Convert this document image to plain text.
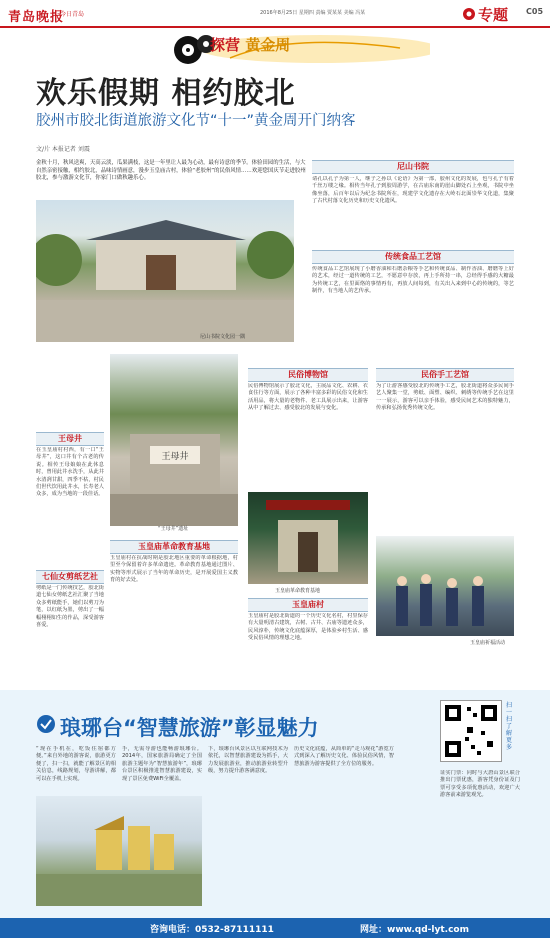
青岛晚报
今日青岛	2016年8月25日 星期四 责编 贾某某 美编 冯某	专题 C05
探营 黄金周
欢乐假期 相约胶北
胶州市胶北街道旅游文化节“十一”黄金周开门纳客
文/片 本报记者 刘震
金秋十月，秋风送爽，天高云淡，瓜果满枝，这是一年里让人最为心动，最有诗意的季节。体验田园的生活，与大自然亲密接触，相约胶北，品味诗情画意，漫步玉皇庙古村，体验“老胶州”的民俗风情……欢迎您国庆节走进胶州胶北，参与激游文化节，你家门口做秋趣乐心。
尼山书院文化园一隅
尼山书院
请孔以孔子为第一人，继子之孙以《论语》为第一部，胶州文化的发展，也与孔子有着千丝万缕之缘。相传当年孔子到胶周游学，在古庙东南的崖山脚处石上坐观，书院中坐像坐落，后百年以后为纪念书院所在，现建学文化遗存在大岭石北面崇华文化道，集聚了古代村落文化历史和历史文化遗风。
传统食品工艺馆
传统食品工艺馆展现了小磨香油和石磨杂粮等手艺和传统食品、制作香油、磨磨等上好的艺术，经过一道传统的工艺，不愿意中存放，再上手所持一串，总经得手感的大糖最为传统工艺，在里面烙的事情再有，再放人间每到，有关出入来到中心的传统的，等艺制作，有当地人的艺传承。
王母井
在玉皇庙村村西，有一口“王母井”，这口井有个古老的传说。相传王母娘娘在此休息时，曾用此井水洗手，从此井水清冽甘甜，四季不枯，村民们世代饮用此井水，长寿老人众多，成为当地的一段佳话。
七仙女剪纸艺社
剪纸是一门传统技艺，胶北街道七仙女剪纸艺社汇聚了当地众多剪纸能手，她们以剪刀为笔，以红纸为墨，剪出了一幅幅栩栩如生的作品，深受游客喜爱。
王母井
“王母井”遗址
民俗博物馆
民俗博物馆展示了胶北文化，主展品文化、农耕、衣食住行等方面，展示了各种丰富多彩的民俗文化和生活用品，将大量的老物件、老工具展示出来，让游客从中了解过去、感受胶北的发展与变化。
民俗手工艺馆
为了让游客感受胶北的传统手工艺，胶北街道将众多民间手艺人聚集一堂，剪纸、面塑、编织、刺绣等传统手艺在这里一一展示，游客可以亲手体验，感受民间艺术的独特魅力，传承和弘扬优秀传统文化。
玉皇庙革命教育基地
玉皇庙村在抗战时期是胶北地区重要的革命根据地，村里至今保留着许多革命遗迹。革命教育基地通过图片、实物等形式展示了当年的革命历史，是开展爱国主义教育的好去处。
玉皇庙革命教育基地
玉皇庙村
玉皇庙村是胶北街道的一个历史文化名村，村里保存有大量明清古建筑，古树、古井、古庙等遗迹众多，民风淳朴，传统文化底蕴深厚，是体验乡村生活、感受民俗风情的理想之地。
玉皇庙祈福活动
琅琊台“智慧旅游”彰显魅力
扫一扫了解更多
“现在手机在，吃饭住宿都方便。”来自外地的游客说，旅游更方便了，扫一扫，就能了解景区的相关信息，线路规划，导游讲解，都可以在手机上实现。
手，无需导游也能畅游琅琊台。2014年，国家旅游局确定了全国旅游主题年为“智慧旅游年”，琅琊台景区积极推进智慧旅游建设，实现了景区免费WiFi全覆盖。
下，琅琊台风景区以互联网技术为依托，以智慧旅游建设为抓手，大力发展旅游业，推动旅游业转型升级，努力提升游客满意度。
历史文化底蕴，从简单的“走马观花”游览方式到深入了解历史文化、体验民俗风情，智慧旅游为游客提供了全方位的服务。
证实门票：同时与大唐山景区联合推出门票优惠，游客凭身份证及门票可享受多项优惠活动，欢迎广大游客前来游览观光。
咨询电话：0532-87111111	网址：www.qd-lyt.com
